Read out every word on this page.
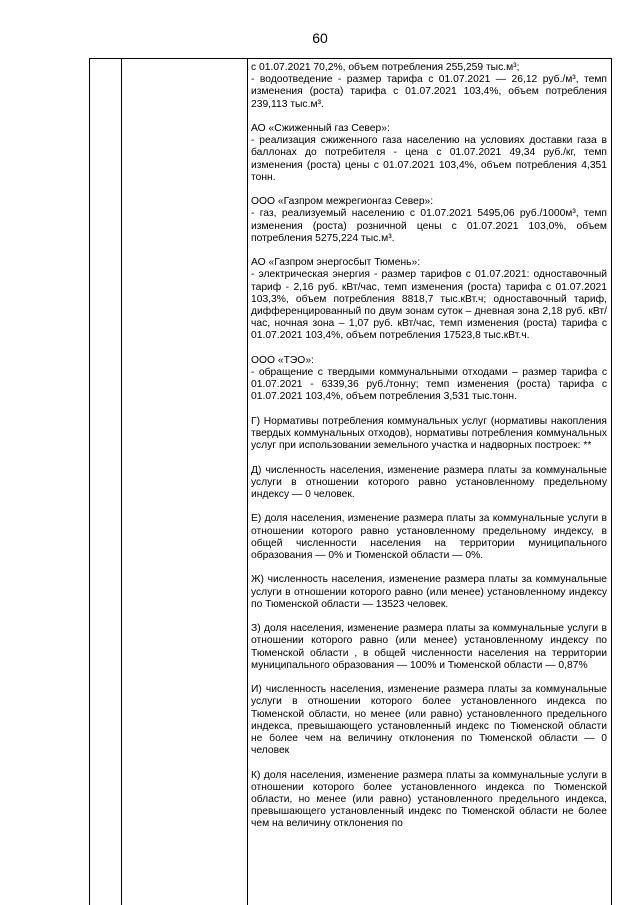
60

с 01.07.2021 70,2%, объем потребления 255,259 тыс.м³;

- водоотведение - размер тарифа с 01.07.2021 — 26,12 руб./м³, темп изменения (роста) тарифа с 01.07.2021 103,4%, объем потребления 239,113 тыс.м³.

АО «Сжиженный газ Север»:

- реализация сжиженного газа населению на условиях доставки газа в баллонах до потребителя - цена с 01.07.2021 49,34 руб./кг, темп изменения (роста) цены с 01.07.2021 103,4%, объем потребления 4,351 тонн.

ООО «Газпром межрегионгаз Север»:

- газ, реализуемый населению с 01.07.2021 5495,06 руб./1000м³, темп изменения (роста) розничной цены с 01.07.2021 103,0%, объем потребления 5275,224 тыс.м³.

АО «Газпром энергосбыт Тюмень»:

- электрическая энергия - размер тарифов с 01.07.2021: одноставочный тариф - 2,16 руб. кВт/час, темп изменения (роста) тарифа с 01.07.2021 103,3%, объем потребления 8818,7 тыс.кВт.ч; одноставочный тариф, дифференцированный по двум зонам суток – дневная зона 2,18 руб. кВт/час, ночная зона – 1,07 руб. кВт/час, темп изменения (роста) тарифа с 01.07.2021 103,4%, объем потребления 17523,8 тыс.кВт.ч.

ООО «ТЭО»:

- обращение с твердыми коммунальными отходами – размер тарифа с 01.07.2021 - 6339,36 руб./тонну; темп изменения (роста) тарифа с 01.07.2021 103,4%, объем потребления 3,531 тыс.тонн.

Г) Нормативы потребления коммунальных услуг (нормативы накопления твердых коммунальных отходов), нормативы потребления коммунальных услуг при использовании земельного участка и надворных построек: **

Д) численность населения, изменение размера платы за коммунальные услуги в отношении которого равно установленному предельному индексу — 0 человек.

Е) доля населения, изменение размера платы за коммунальные услуги в отношении которого равно установленному предельному индексу, в общей численности населения на территории муниципального образования — 0% и Тюменской области — 0%.

Ж) численность населения, изменение размера платы за коммунальные услуги в отношении которого равно (или менее) установленному индексу по Тюменской области — 13523 человек.

З) доля населения, изменение размера платы за коммунальные услуги в отношении которого равно (или менее) установленному индексу по Тюменской области , в общей численности населения на территории муниципального образования — 100% и Тюменской области — 0,87%

И) численность населения, изменение размера платы за коммунальные услуги в отношении которого более установленного индекса по Тюменской области, но менее (или равно) установленного предельного индекса, превышающего установленный индекс по Тюменской области не более чем на величину отклонения по Тюменской области — 0 человек

К) доля населения, изменение размера платы за коммунальные услуги в отношении которого более установленного индекса по Тюменской области, но менее (или равно) установленного предельного индекса, превышающего установленный индекс по Тюменской области не более чем на величину отклонения по
